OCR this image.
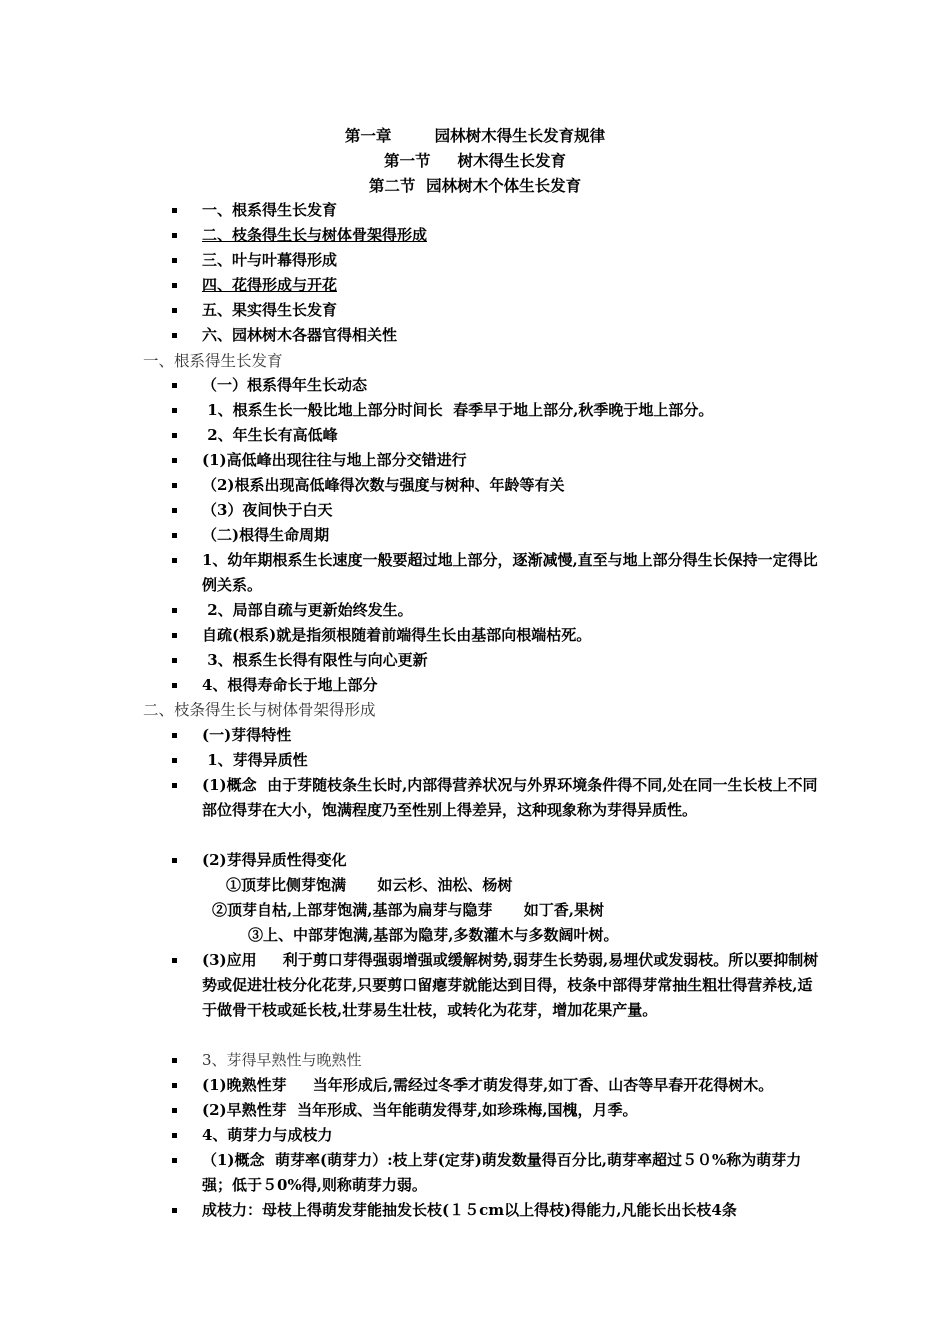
第一章        园林树木得生长发育规律
第一节     树木得生长发育
第二节  园林树木个体生长发育
一、根系得生长发育
二、枝条得生长与树体骨架得形成
三、叶与叶幕得形成
四、花得形成与开花
五、果实得生长发育
六、园林树木各器官得相关性
一、根系得生长发育
（一）根系得年生长动态
1、根系生长一般比地上部分时间长  春季早于地上部分,秋季晚于地上部分。
2、年生长有高低峰
(1)高低峰出现往往与地上部分交错进行
（2)根系出现高低峰得次数与强度与树种、年龄等有关
（3）夜间快于白天
（二)根得生命周期
1、幼年期根系生长速度一般要超过地上部分，逐渐减慢,直至与地上部分得生长保持一定得比例关系。
2、局部自疏与更新始终发生。
自疏(根系)就是指须根随着前端得生长由基部向根端枯死。
3、根系生长得有限性与向心更新
4、根得寿命长于地上部分
二、枝条得生长与树体骨架得形成
(一)芽得特性
1、芽得异质性
(1)概念  由于芽随枝条生长时,内部得营养状况与外界环境条件得不同,处在同一生长枝上不同部位得芽在大小，饱满程度乃至性别上得差异，这种现象称为芽得异质性。
(2)芽得异质性得变化
①顶芽比侧芽饱满      如云杉、油松、杨树
②顶芽自枯,上部芽饱满,基部为扁芽与隐芽      如丁香,果树
③上、中部芽饱满,基部为隐芽,多数灌木与多数阔叶树。
(3)应用     利于剪口芽得强弱增强或缓解树势,弱芽生长势弱,易埋伏或发弱枝。所以要抑制树势或促进壮枝分化花芽,只要剪口留瘪芽就能达到目得，枝条中部得芽常抽生粗壮得营养枝,适于做骨干枝或延长枝,壮芽易生壮枝，或转化为花芽，增加花果产量。
3、芽得早熟性与晚熟性
(1)晚熟性芽     当年形成后,需经过冬季才萌发得芽,如丁香、山杏等早春开花得树木。
(2)早熟性芽  当年形成、当年能萌发得芽,如珍珠梅,国槐，月季。
4、萌芽力与成枝力
（1)概念  萌芽率(萌芽力）:枝上芽(定芽)萌发数量得百分比,萌芽率超过５０%称为萌芽力强；低于５0%得,则称萌芽力弱。
成枝力：母枝上得萌发芽能抽发长枝(１５cm以上得枝)得能力,凡能长出长枝4条
